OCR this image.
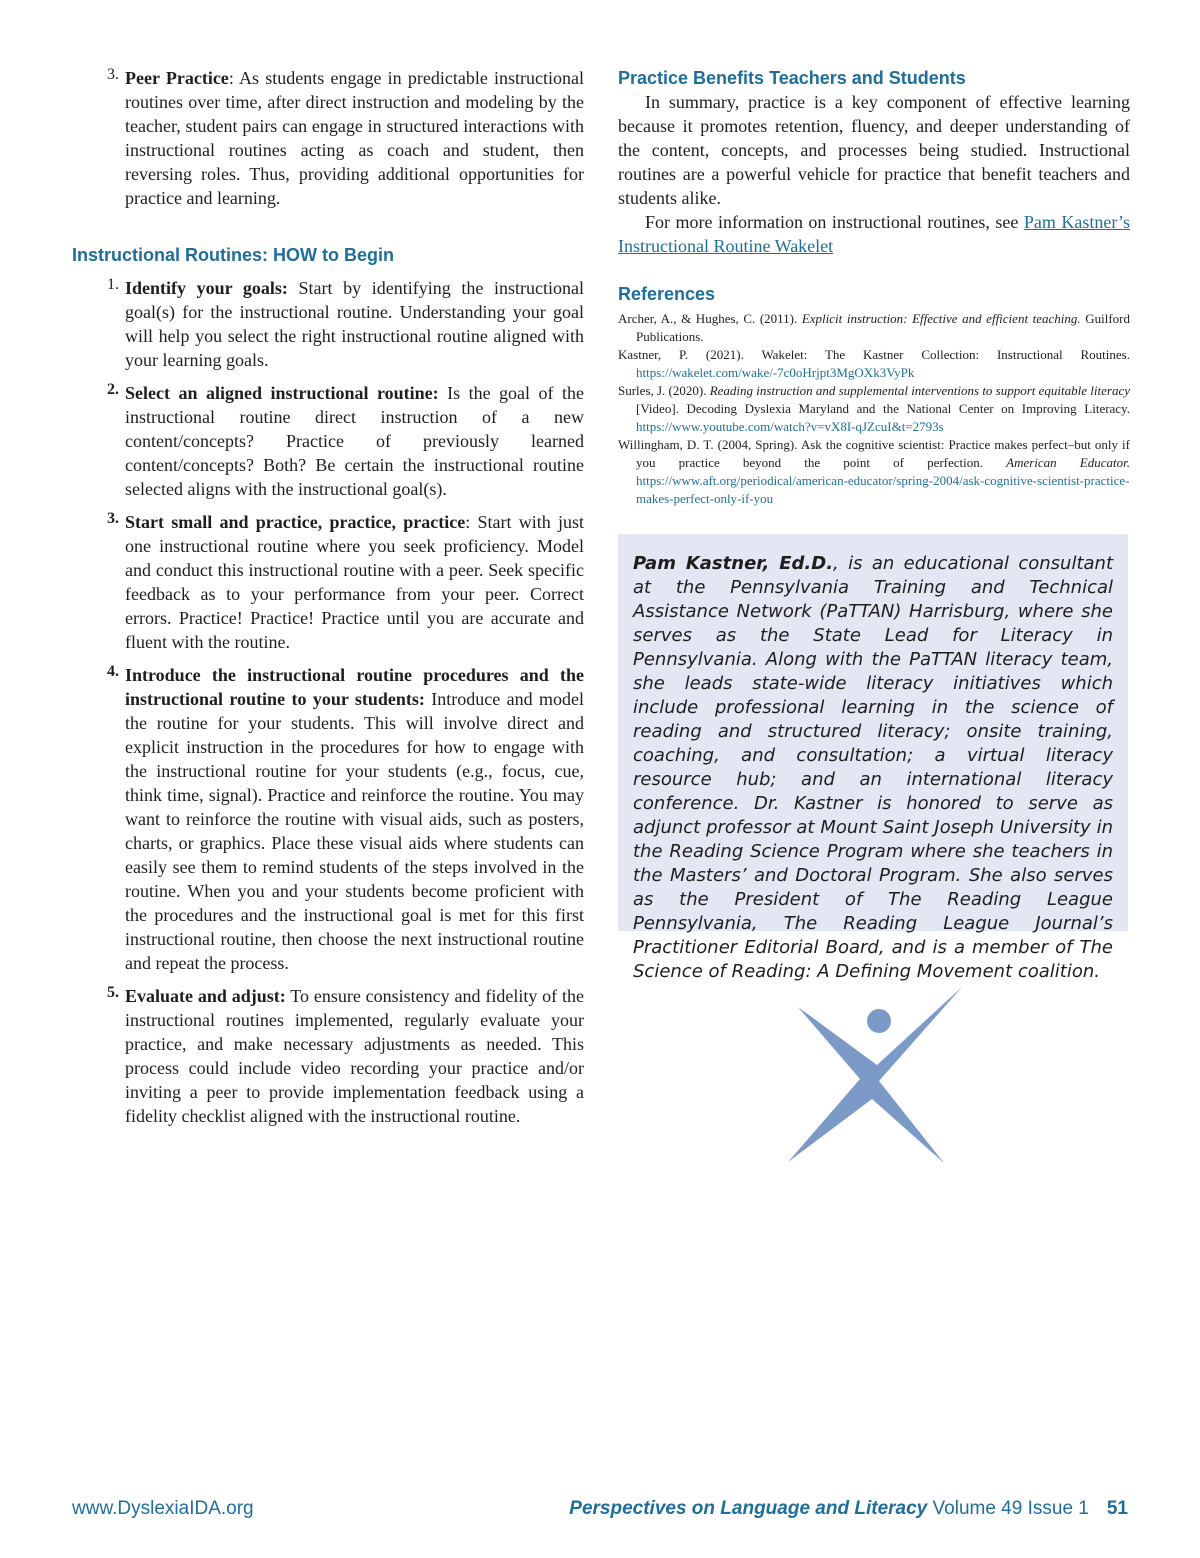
3. Peer Practice: As students engage in predictable instructional routines over time, after direct instruction and modeling by the teacher, student pairs can engage in structured interactions with instructional routines acting as coach and student, then reversing roles. Thus, providing additional opportunities for practice and learning.
Instructional Routines: HOW to Begin
1. Identify your goals: Start by identifying the instructional goal(s) for the instructional routine. Understanding your goal will help you select the right instructional routine aligned with your learning goals.
2. Select an aligned instructional routine: Is the goal of the instructional routine direct instruction of a new content/concepts? Practice of previously learned content/concepts? Both? Be certain the instructional routine selected aligns with the instructional goal(s).
3. Start small and practice, practice, practice: Start with just one instructional routine where you seek proficiency. Model and conduct this instructional routine with a peer. Seek specific feedback as to your performance from your peer. Correct errors. Practice! Practice! Practice until you are accurate and fluent with the routine.
4. Introduce the instructional routine procedures and the instructional routine to your students: Introduce and model the routine for your students. This will involve direct and explicit instruction in the procedures for how to engage with the instructional routine for your students (e.g., focus, cue, think time, signal). Practice and reinforce the routine. You may want to reinforce the routine with visual aids, such as posters, charts, or graphics. Place these visual aids where students can easily see them to remind students of the steps involved in the routine. When you and your students become proficient with the procedures and the instructional goal is met for this first instructional routine, then choose the next instructional routine and repeat the process.
5. Evaluate and adjust: To ensure consistency and fidelity of the instructional routines implemented, regularly evaluate your practice, and make necessary adjustments as needed. This process could include video recording your practice and/or inviting a peer to provide implementation feedback using a fidelity checklist aligned with the instructional routine.
Practice Benefits Teachers and Students

In summary, practice is a key component of effective learning because it promotes retention, fluency, and deeper understanding of the content, concepts, and processes being studied. Instructional routines are a powerful vehicle for practice that benefit teachers and students alike.

For more information on instructional routines, see Pam Kastner’s Instructional Routine Wakelet

References
Archer, A., & Hughes, C. (2011). Explicit instruction: Effective and efficient teaching. Guilford Publications.
Kastner, P. (2021). Wakelet: The Kastner Collection: Instructional Routines. https://wakelet.com/wake/-7c0oHrjpt3MgOXk3VyPk
Surles, J. (2020). Reading instruction and supplemental interventions to support equitable literacy [Video]. Decoding Dyslexia Maryland and the National Center on Improving Literacy. https://www.youtube.com/watch?v=vX8I-qJZcuI&t=2793s
Willingham, D. T. (2004, Spring). Ask the cognitive scientist: Practice makes perfect–but only if you practice beyond the point of perfection. American Educator. https://www.aft.org/periodical/american-educator/spring-2004/ask-cognitive-scientist-practice-makes-perfect-only-if-you
Pam Kastner, Ed.D., is an educational consultant at the Pennsylvania Training and Technical Assistance Network (PaTTAN) Harrisburg, where she serves as the State Lead for Literacy in Pennsylvania. Along with the PaTTAN literacy team, she leads state-wide literacy initiatives which include professional learning in the science of reading and structured literacy; onsite training, coaching, and consultation; a virtual literacy resource hub; and an international literacy conference. Dr. Kastner is honored to serve as adjunct professor at Mount Saint Joseph University in the Reading Science Program where she teachers in the Masters’ and Doctoral Program. She also serves as the President of The Reading League Pennsylvania, The Reading League Journal’s Practitioner Editorial Board, and is a member of The Science of Reading: A Defining Movement coalition.
www.DyslexiaIDA.org	Perspectives on Language and Literacy Volume 49 Issue 1 51
